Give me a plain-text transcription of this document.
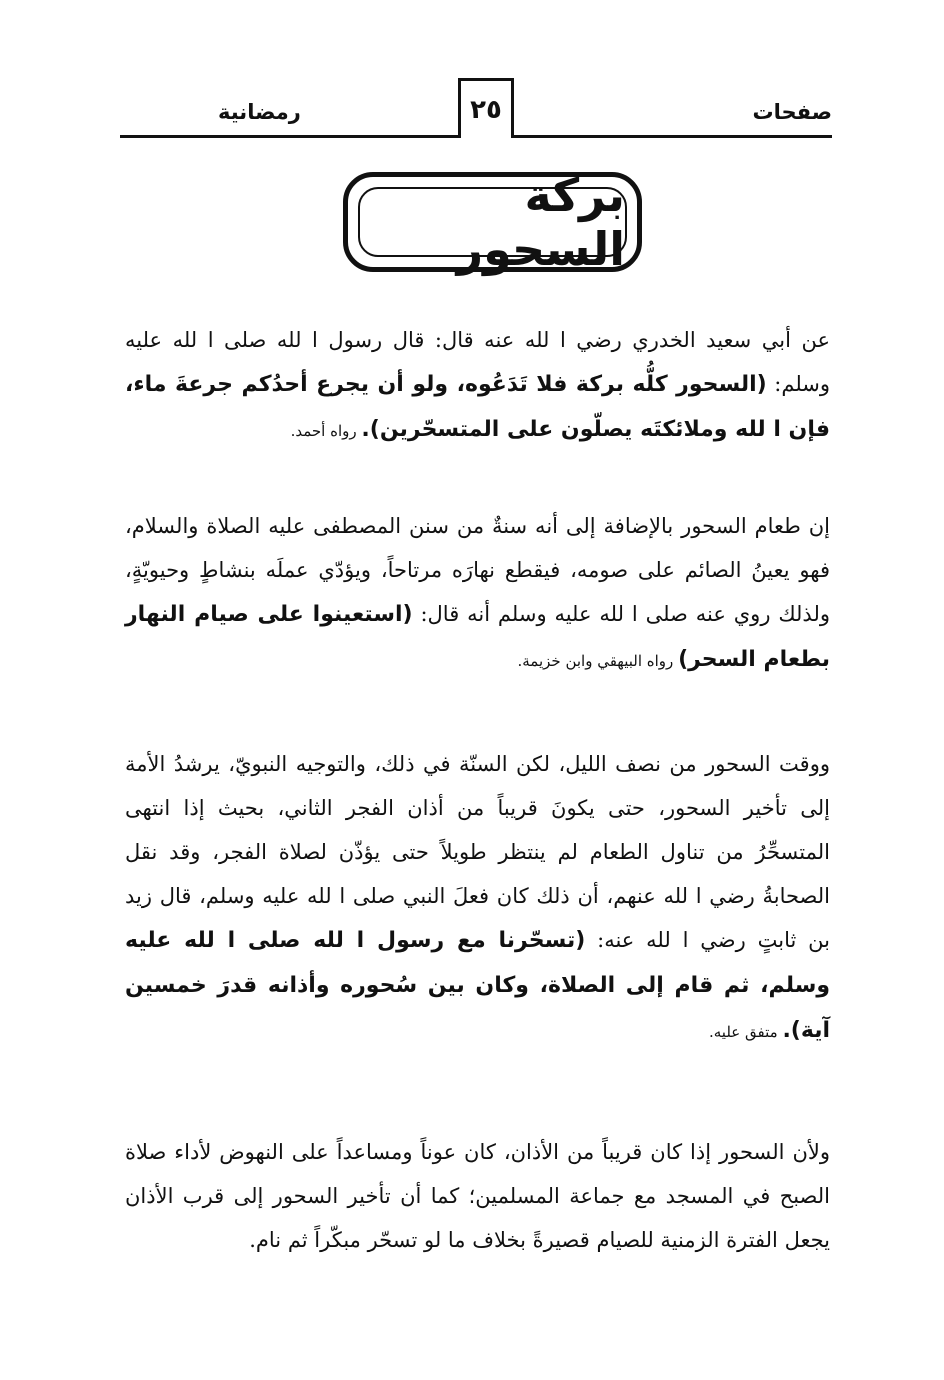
صفحات
٢٥
رمضانية
بركة السحور

عن أبي سعيد الخدري رضي ا لله عنه قال: قال رسول ا لله صلى ا لله عليه وسلم: (السحور كلُّه بركة فلا تَدَعُوه، ولو أن يجرع أحدُكم جرعةَ ماء، فإن ا لله وملائكتَه يصلّون على المتسحّرين). رواه أحمد.

إن طعام السحور بالإضافة إلى أنه سنةٌ من سنن المصطفى عليه الصلاة والسلام، فهو يعينُ الصائم على صومه، فيقطع نهارَه مرتاحاً، ويؤدّي عملَه بنشاطٍ وحيويّةٍ، ولذلك روي عنه صلى ا لله عليه وسلم أنه قال: (استعينوا على صيام النهار بطعام السحر) رواه البيهقي وابن خزيمة.

ووقت السحور من نصف الليل، لكن السنّة في ذلك، والتوجيه النبويّ، يرشدُ الأمة إلى تأخير السحور، حتى يكونَ قريباً من أذان الفجر الثاني، بحيث إذا انتهى المتسحِّرُ من تناول الطعام لم ينتظر طويلاً حتى يؤذّن لصلاة الفجر، وقد نقل الصحابةُ رضي ا لله عنهم، أن ذلك كان فعلَ النبي صلى ا لله عليه وسلم، قال زيد بن ثابتٍ رضي ا لله عنه: (تسحّرنا مع رسول ا لله صلى ا لله عليه وسلم، ثم قام إلى الصلاة، وكان بين سُحوره وأذانه قدرَ خمسين آية). متفق عليه.

ولأن السحور إذا كان قريباً من الأذان، كان عوناً ومساعداً على النهوض لأداء صلاة الصبح في المسجد مع جماعة المسلمين؛ كما أن تأخير السحور إلى قرب الأذان يجعل الفترة الزمنية للصيام قصيرةً بخلاف ما لو تسحّر مبكّراً ثم نام.
